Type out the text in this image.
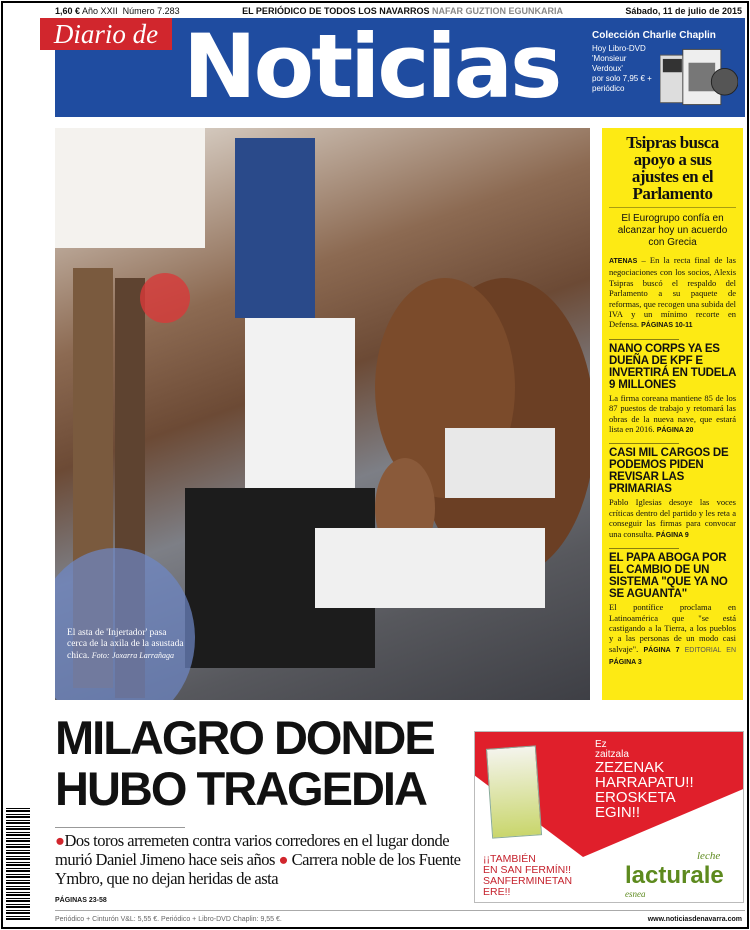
1,60 € Año XXII Número 7.283	EL PERIÓDICO DE TODOS LOS NAVARROS NAFAR GUZTION EGUNKARIA	Sábado, 11 de julio de 2015
Diario de Noticias	Colección Charlie Chaplin
Hoy Libro-DVD
'Monsieur
Verdoux'
por solo 7,95 € +
periódico
El asta de 'Injertador' pasa cerca de la axila de la asustada chica. Foto: Joxarra Larrañaga
Tsipras busca apoyo a sus ajustes en el Parlamento
El Eurogrupo confía en alcanzar hoy un acuerdo con Grecia

ATENAS – En la recta final de las negociaciones con los socios, Alexis Tsipras buscó el respaldo del Parlamento a su paquete de reformas, que recogen una subida del IVA y un mínimo recorte en Defensa. PÁGINAS 10-11

NANO CORPS YA ES DUEÑA DE KPF E INVERTIRÁ EN TUDELA 9 MILLONES

La firma coreana mantiene 85 de los 87 puestos de trabajo y retomará las obras de la nueva nave, que estará lista en 2016. PÁGINA 20

CASI MIL CARGOS DE PODEMOS PIDEN REVISAR LAS PRIMARIAS

Pablo Iglesias desoye las voces críticas dentro del partido y les reta a conseguir las firmas para convocar una consulta. PÁGINA 9

EL PAPA ABOGA POR EL CAMBIO DE UN SISTEMA "QUE YA NO SE AGUANTA"

El pontífice proclama en Latinoamérica que "se está castigando a la Tierra, a los pueblos y a las personas de un modo casi salvaje". PÁGINA 7 EDITORIAL EN PÁGINA 3

MILAGRO DONDE
HUBO TRAGEDIA
●Dos toros arremeten contra varios corredores en el lugar donde murió Daniel Jimeno hace seis años ● Carrera noble de los Fuente Ymbro, que no dejan heridas de asta
PÁGINAS 23-58
Ez
zaitzala
ZEZENAK
HARRAPATU!!
EROSKETA
EGIN!!
¡¡TAMBIÉN
EN SAN FERMÍN!!
SANFERMINETAN
ERE!!
leche
lacturale
esnea
Periódico + Cinturón V&L: 5,55 €. Periódico + Libro-DVD Chaplin: 9,55 €.	www.noticiasdenavarra.com
